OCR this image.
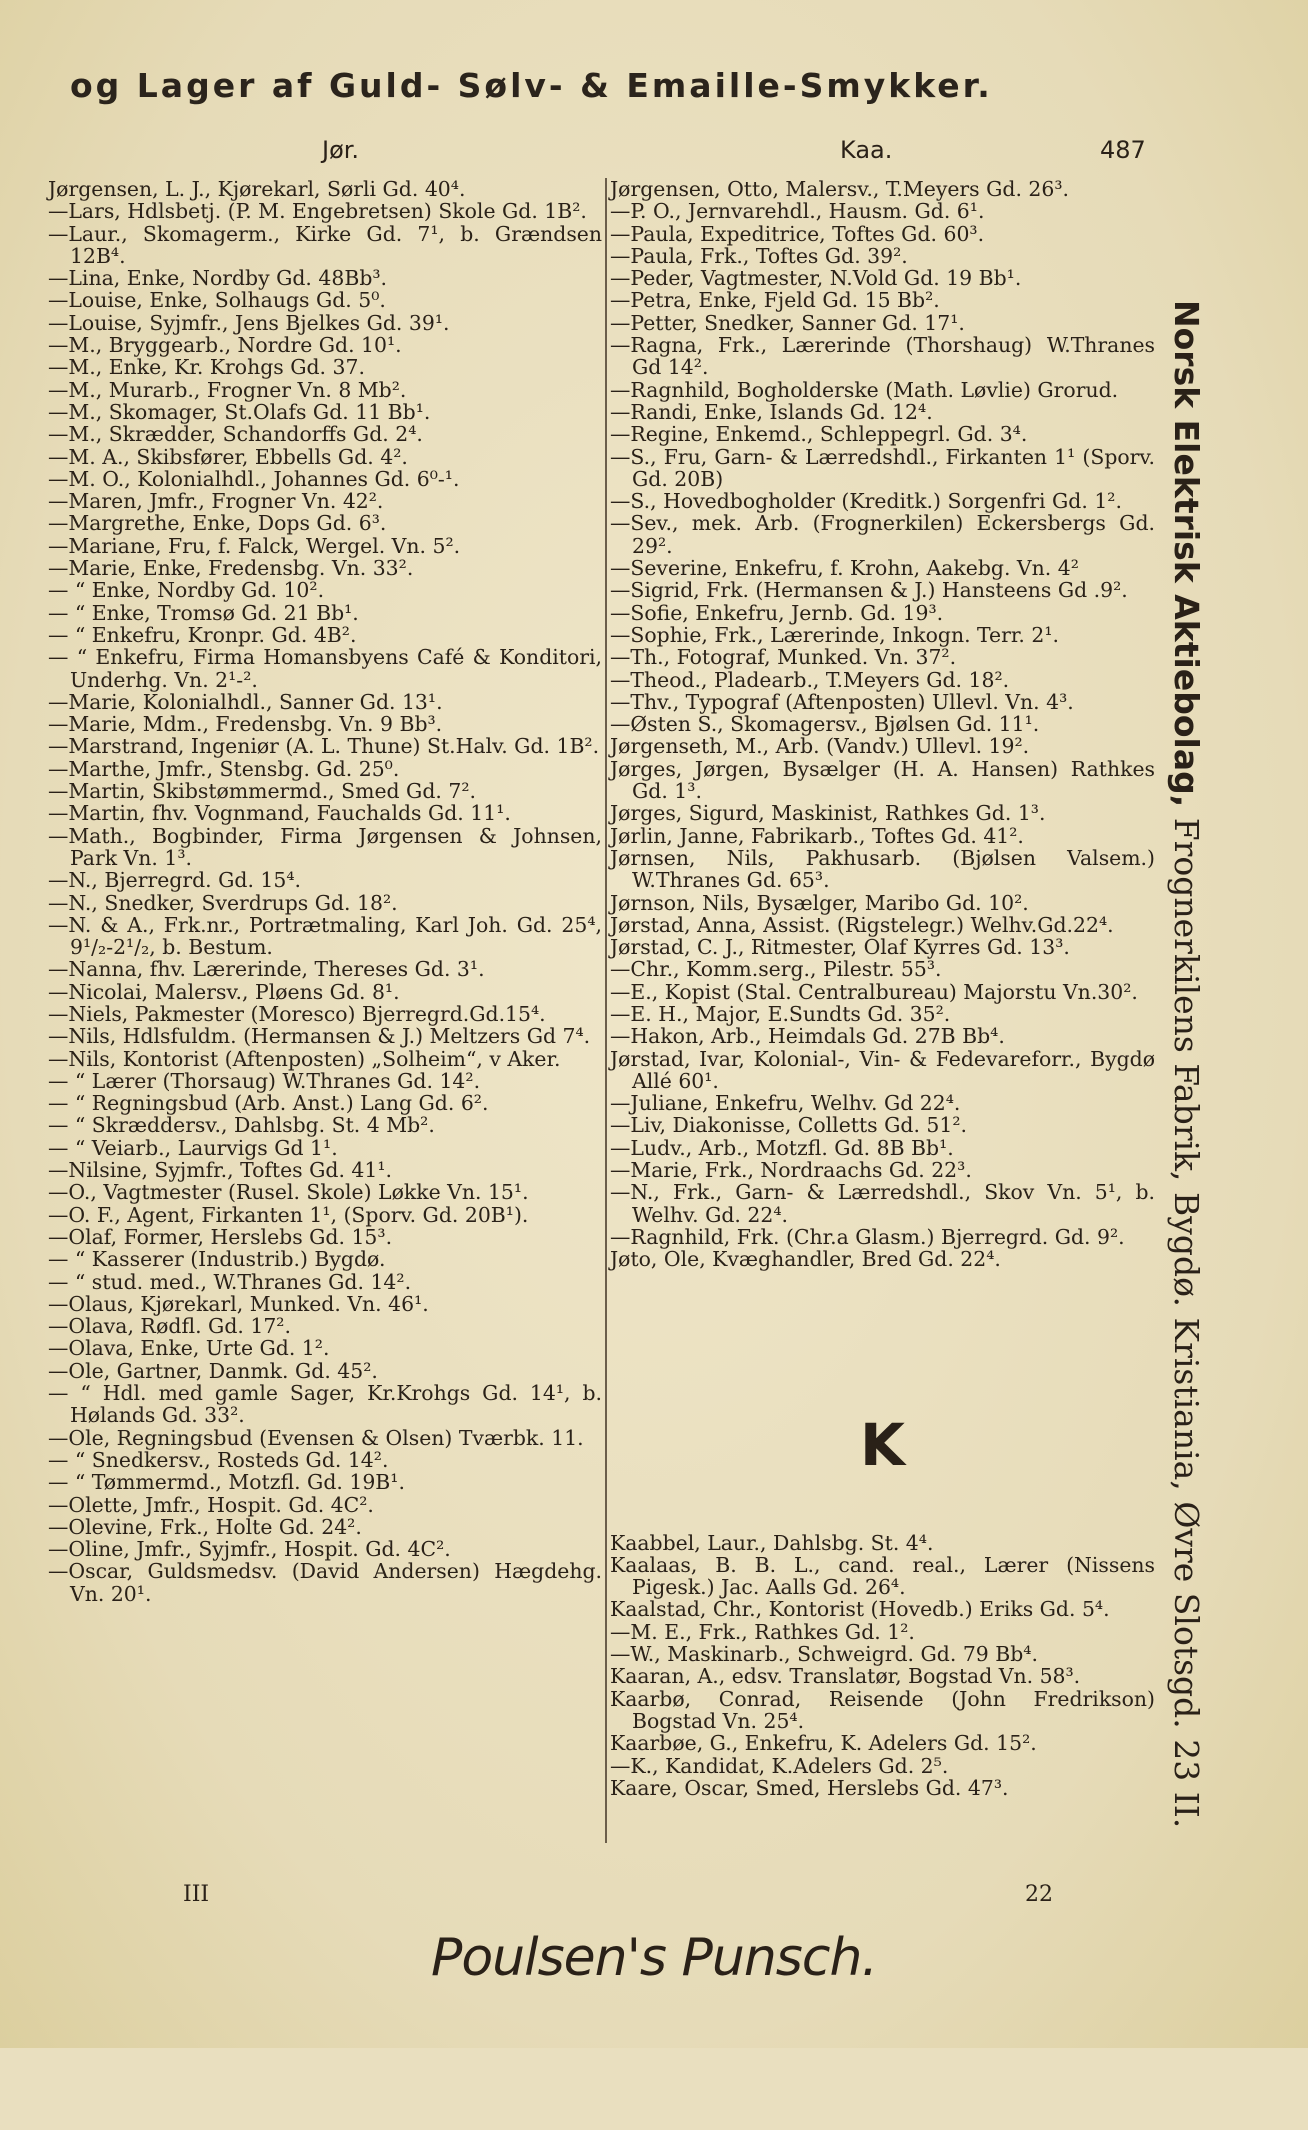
og Lager af Guld- Sølv- & Emaille-Smykker.
Jør.	Kaa.	487

Jørgensen, L. J., Kjørekarl, Sørli Gd. 40⁴.

—Lars, Hdlsbetj. (P. M. Engebretsen) Skole Gd. 1B².

—Laur., Skomagerm., Kirke Gd. 7¹, b. Grændsen 12B⁴.

—Lina, Enke, Nordby Gd. 48Bb³.

—Louise, Enke, Solhaugs Gd. 5⁰.

—Louise, Syjmfr., Jens Bjelkes Gd. 39¹.

—M., Bryggearb., Nordre Gd. 10¹.

—M., Enke, Kr. Krohgs Gd. 37.

—M., Murarb., Frogner Vn. 8 Mb².

—M., Skomager, St.Olafs Gd. 11 Bb¹.

—M., Skrædder, Schandorffs Gd. 2⁴.

—M. A., Skibsfører, Ebbells Gd. 4².

—M. O., Kolonialhdl., Johannes Gd. 6⁰-¹.

—Maren, Jmfr., Frogner Vn. 42².

—Margrethe, Enke, Dops Gd. 6³.

—Mariane, Fru, f. Falck, Wergel. Vn. 5².

—Marie, Enke, Fredensbg. Vn. 33².

— “ Enke, Nordby Gd. 10².

— “ Enke, Tromsø Gd. 21 Bb¹.

— “ Enkefru, Kronpr. Gd. 4B².

— “ Enkefru, Firma Homansbyens Café & Konditori, Underhg. Vn. 2¹-².

—Marie, Kolonialhdl., Sanner Gd. 13¹.

—Marie, Mdm., Fredensbg. Vn. 9 Bb³.

—Marstrand, Ingeniør (A. L. Thune) St.Halv. Gd. 1B².

—Marthe, Jmfr., Stensbg. Gd. 25⁰.

—Martin, Skibstømmermd., Smed Gd. 7².

—Martin, fhv. Vognmand, Fauchalds Gd. 11¹.

—Math., Bogbinder, Firma Jørgensen & Johnsen, Park Vn. 1³.

—N., Bjerregrd. Gd. 15⁴.

—N., Snedker, Sverdrups Gd. 18².

—N. & A., Frk.nr., Portrætmaling, Karl Joh. Gd. 25⁴, 9¹/₂-2¹/₂, b. Bestum.

—Nanna, fhv. Lærerinde, Thereses Gd. 3¹.

—Nicolai, Malersv., Pløens Gd. 8¹.

—Niels, Pakmester (Moresco) Bjerregrd.Gd.15⁴.

—Nils, Hdlsfuldm. (Hermansen & J.) Meltzers Gd 7⁴.

—Nils, Kontorist (Aftenposten) „Solheim“, v Aker.

— “ Lærer (Thorsaug) W.Thranes Gd. 14².

— “ Regningsbud (Arb. Anst.) Lang Gd. 6².

— “ Skræddersv., Dahlsbg. St. 4 Mb².

— “ Veiarb., Laurvigs Gd 1¹.

—Nilsine, Syjmfr., Toftes Gd. 41¹.

—O., Vagtmester (Rusel. Skole) Løkke Vn. 15¹.

—O. F., Agent, Firkanten 1¹, (Sporv. Gd. 20B¹).

—Olaf, Former, Herslebs Gd. 15³.

— “ Kasserer (Industrib.) Bygdø.

— “ stud. med., W.Thranes Gd. 14².

—Olaus, Kjørekarl, Munked. Vn. 46¹.

—Olava, Rødfl. Gd. 17².

—Olava, Enke, Urte Gd. 1².

—Ole, Gartner, Danmk. Gd. 45².

— “ Hdl. med gamle Sager, Kr.Krohgs Gd. 14¹, b. Hølands Gd. 33².

—Ole, Regningsbud (Evensen & Olsen) Tværbk. 11.

— “ Snedkersv., Rosteds Gd. 14².

— “ Tømmermd., Motzfl. Gd. 19B¹.

—Olette, Jmfr., Hospit. Gd. 4C².

—Olevine, Frk., Holte Gd. 24².

—Oline, Jmfr., Syjmfr., Hospit. Gd. 4C².

—Oscar, Guldsmedsv. (David Andersen) Hægdehg. Vn. 20¹.

Jørgensen, Otto, Malersv., T.Meyers Gd. 26³.

—P. O., Jernvarehdl., Hausm. Gd. 6¹.

—Paula, Expeditrice, Toftes Gd. 60³.

—Paula, Frk., Toftes Gd. 39².

—Peder, Vagtmester, N.Vold Gd. 19 Bb¹.

—Petra, Enke, Fjeld Gd. 15 Bb².

—Petter, Snedker, Sanner Gd. 17¹.

—Ragna, Frk., Lærerinde (Thorshaug) W.Thranes Gd 14².

—Ragnhild, Bogholderske (Math. Løvlie) Grorud.

—Randi, Enke, Islands Gd. 12⁴.

—Regine, Enkemd., Schleppegrl. Gd. 3⁴.

—S., Fru, Garn- & Lærredshdl., Firkanten 1¹ (Sporv. Gd. 20B)

—S., Hovedbogholder (Kreditk.) Sorgenfri Gd. 1².

—Sev., mek. Arb. (Frognerkilen) Eckersbergs Gd. 29².

—Severine, Enkefru, f. Krohn, Aakebg. Vn. 4²

—Sigrid, Frk. (Hermansen & J.) Hansteens Gd .9².

—Sofie, Enkefru, Jernb. Gd. 19³.

—Sophie, Frk., Lærerinde, Inkogn. Terr. 2¹.

—Th., Fotograf, Munked. Vn. 37².

—Theod., Pladearb., T.Meyers Gd. 18².

—Thv., Typograf (Aftenposten) Ullevl. Vn. 4³.

—Østen S., Skomagersv., Bjølsen Gd. 11¹.

Jørgenseth, M., Arb. (Vandv.) Ullevl. 19².

Jørges, Jørgen, Bysælger (H. A. Hansen) Rathkes Gd. 1³.

Jørges, Sigurd, Maskinist, Rathkes Gd. 1³.

Jørlin, Janne, Fabrikarb., Toftes Gd. 41².

Jørnsen, Nils, Pakhusarb. (Bjølsen Valsem.) W.Thranes Gd. 65³.

Jørnson, Nils, Bysælger, Maribo Gd. 10².

Jørstad, Anna, Assist. (Rigstelegr.) Welhv.Gd.22⁴.

Jørstad, C. J., Ritmester, Olaf Kyrres Gd. 13³.

—Chr., Komm.serg., Pilestr. 55³.

—E., Kopist (Stal. Centralbureau) Majorstu Vn.30².

—E. H., Major, E.Sundts Gd. 35².

—Hakon, Arb., Heimdals Gd. 27B Bb⁴.

Jørstad, Ivar, Kolonial-, Vin- & Fedevareforr., Bygdø Allé 60¹.

—Juliane, Enkefru, Welhv. Gd 22⁴.

—Liv, Diakonisse, Colletts Gd. 51².

—Ludv., Arb., Motzfl. Gd. 8B Bb¹.

—Marie, Frk., Nordraachs Gd. 22³.

—N., Frk., Garn- & Lærredshdl., Skov Vn. 5¹, b. Welhv. Gd. 22⁴.

—Ragnhild, Frk. (Chr.a Glasm.) Bjerregrd. Gd. 9².

Jøto, Ole, Kvæghandler, Bred Gd. 22⁴.

K

Kaabbel, Laur., Dahlsbg. St. 4⁴.

Kaalaas, B. B. L., cand. real., Lærer (Nissens Pigesk.) Jac. Aalls Gd. 26⁴.

Kaalstad, Chr., Kontorist (Hovedb.) Eriks Gd. 5⁴.

—M. E., Frk., Rathkes Gd. 1².

—W., Maskinarb., Schweigrd. Gd. 79 Bb⁴.

Kaaran, A., edsv. Translatør, Bogstad Vn. 58³.

Kaarbø, Conrad, Reisende (John Fredrikson) Bogstad Vn. 25⁴.

Kaarbøe, G., Enkefru, K. Adelers Gd. 15².

—K., Kandidat, K.Adelers Gd. 2⁵.

Kaare, Oscar, Smed, Herslebs Gd. 47³.

Norsk Elektrisk Aktiebolag, Frognerkilens Fabrik, Bygdø. Kristiania, Øvre Slotsgd. 23 II.
III	22
Poulsen's Punsch.
